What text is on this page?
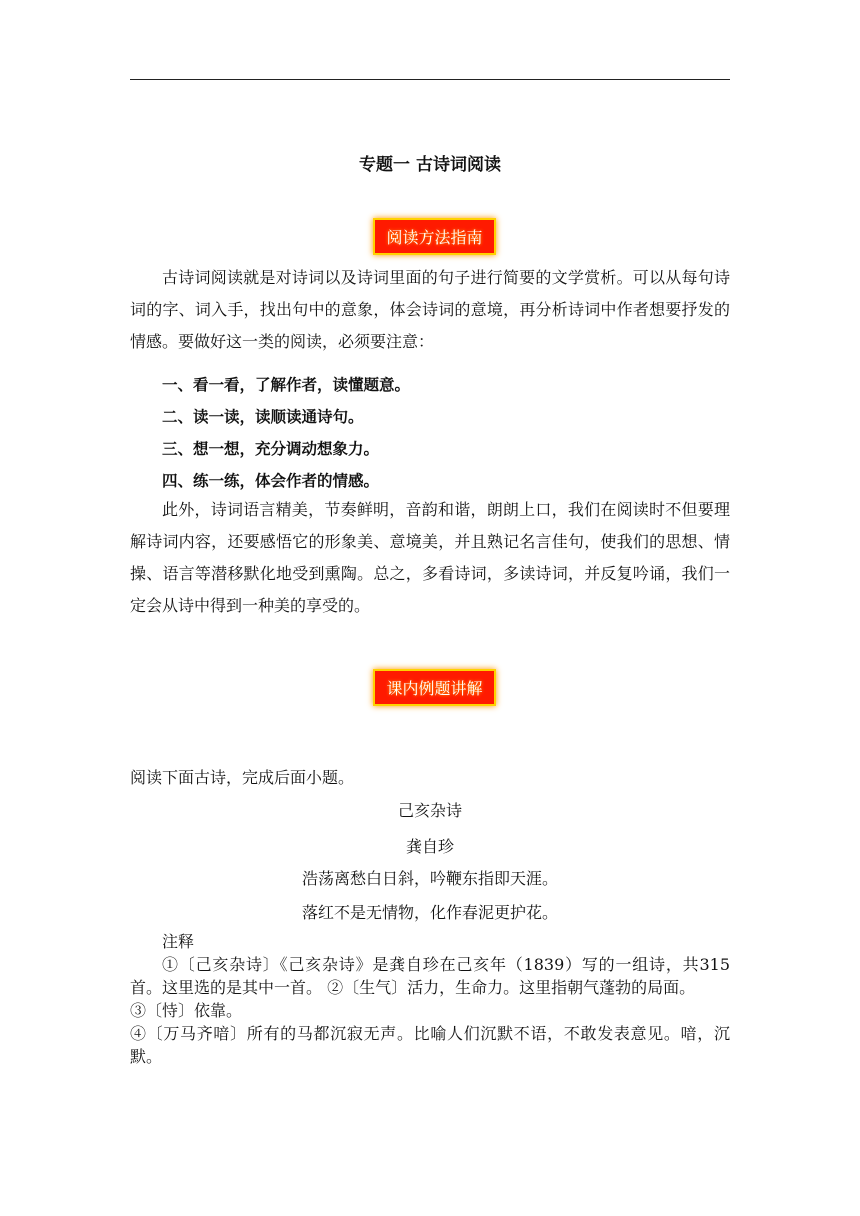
专题一 古诗词阅读
阅读方法指南

古诗词阅读就是对诗词以及诗词里面的句子进行简要的文学赏析。可以从每句诗词的字、词入手，找出句中的意象，体会诗词的意境，再分析诗词中作者想要抒发的情感。要做好这一类的阅读，必须要注意：

一、看一看，了解作者，读懂题意。

二、读一读，读顺读通诗句。

三、想一想，充分调动想象力。

四、练一练，体会作者的情感。

此外，诗词语言精美，节奏鲜明，音韵和谐，朗朗上口，我们在阅读时不但要理解诗词内容，还要感悟它的形象美、意境美，并且熟记名言佳句，使我们的思想、情操、语言等潜移默化地受到熏陶。总之，多看诗词，多读诗词，并反复吟诵，我们一定会从诗中得到一种美的享受的。

课内例题讲解

阅读下面古诗，完成后面小题。

己亥杂诗

龚自珍

浩荡离愁白日斜，吟鞭东指即天涯。

落红不是无情物，化作春泥更护花。

注释

①〔己亥杂诗〕《己亥杂诗》是龚自珍在己亥年（1839）写的一组诗，共315首。这里选的是其中一首。 ②〔生气〕活力，生命力。这里指朝气蓬勃的局面。

③〔恃〕依靠。

④〔万马齐喑〕所有的马都沉寂无声。比喻人们沉默不语，不敢发表意见。喑，沉默。
